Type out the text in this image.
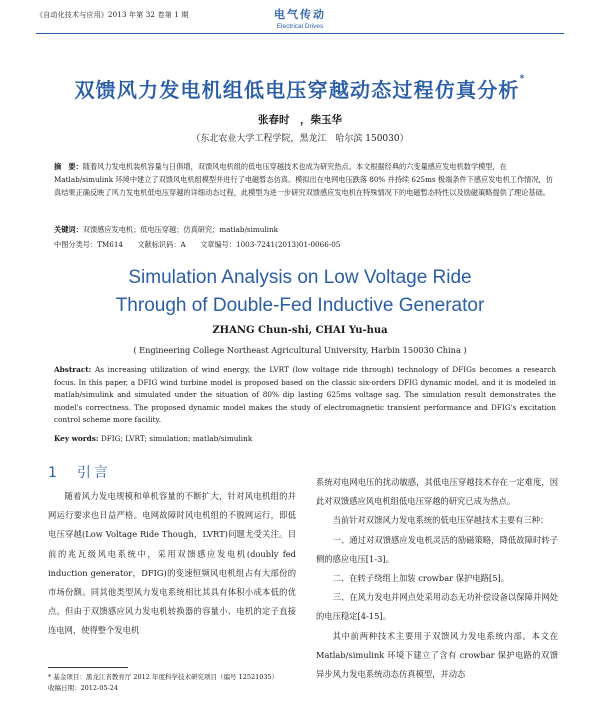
《自动化技术与应用》2013 年第 32 卷第 1 期	电气传动
Electrical Drives
双馈风力发电机组低电压穿越动态过程仿真分析*
张春时　，柴玉华
（东北农业大学工程学院，黑龙江　哈尔滨 150030）
摘　要：随着风力发电机装机容量与日俱增，双馈风电机组的低电压穿越技术也成为研究热点。本文根据经典的六变量感应发电机数学模型，在 Matlab/simulink 环境中建立了双馈风电机组模型并进行了电磁暂态仿真。模拟出在电网电压跌落 80% 并持续 625ms 极端条件下感应发电机工作情况，仿真结果正确反映了风力发电机低电压穿越的详细动态过程，此模型为进一步研究双馈感应发电机在特殊情况下的电磁暂态特性以及励磁策略提供了理论基础。
关键词：双馈感应发电机；低电压穿越；仿真研究；matlab/simulink
中图分类号：TM614　　文献标识码：A　　文章编号：1003-7241(2013)01-0066-05
Simulation Analysis on Low Voltage Ride
Through of Double-Fed Inductive Generator
ZHANG Chun-shi, CHAI Yu-hua
( Engineering College Northeast Agricultural University, Harbin 150030 China )
Abstract: As increasing utilization of wind energy, the LVRT (low voltage ride through) technology of DFIGs becomes a research focus. In this paper, a DFIG wind turbine model is proposed based on the classic six-orders DFIG dynamic model, and it is modeled in matlab/simulink and simulated under the situation of 80% dip lasting 625ms voltage sag. The simulation result demonstrates the model's correctness. The proposed dynamic model makes the study of electromagnetic transient performance and DFIG's excitation control scheme more facility.
Key words: DFIG; LVRT; simulation; matlab/simulink
1　引言

随着风力发电规模和单机容量的不断扩大，针对风电机组的并网运行要求也日益严格。电网故障时风电机组的不脱网运行，即低电压穿越(Low Voltage Ride Though，LVRT)问题尤受关注。目前的兆瓦级风电系统中，采用双馈感应发电机(doubly fed induction generator，DFIG)的变速恒频风电机组占有大部份的市场份额。同其他类型风力发电系统相比其具有体积小成本低的优点。但由于双馈感应风力发电机转换器的容量小、电机的定子直接连电网，使得整个发电机

系统对电网电压的扰动敏感，其低电压穿越技术存在一定难度，因此对双馈感应风电机组低电压穿越的研究已成为热点。

当前针对双馈风力发电系统的低电压穿越技术主要有三种：

一、通过对双馈感应发电机灵活的励磁策略，降低故障时转子侧的感应电压[1-3]。

二、在转子绕组上加装 crowbar 保护电路[5]。

三、在风力发电并网点处采用动态无功补偿设备以保障并网处的电压稳定[4-15]。

其中前两种技术主要用于双馈风力发电系统内部。本文在 Matlab/simulink 环境下建立了含有 crowbar 保护电路的双馈异步风力发电系统动态仿真模型，并动态

* 基金项目：黑龙江省教育厅 2012 年度科学技术研究项目（编号 12521035）
收稿日期：2012-05-24
